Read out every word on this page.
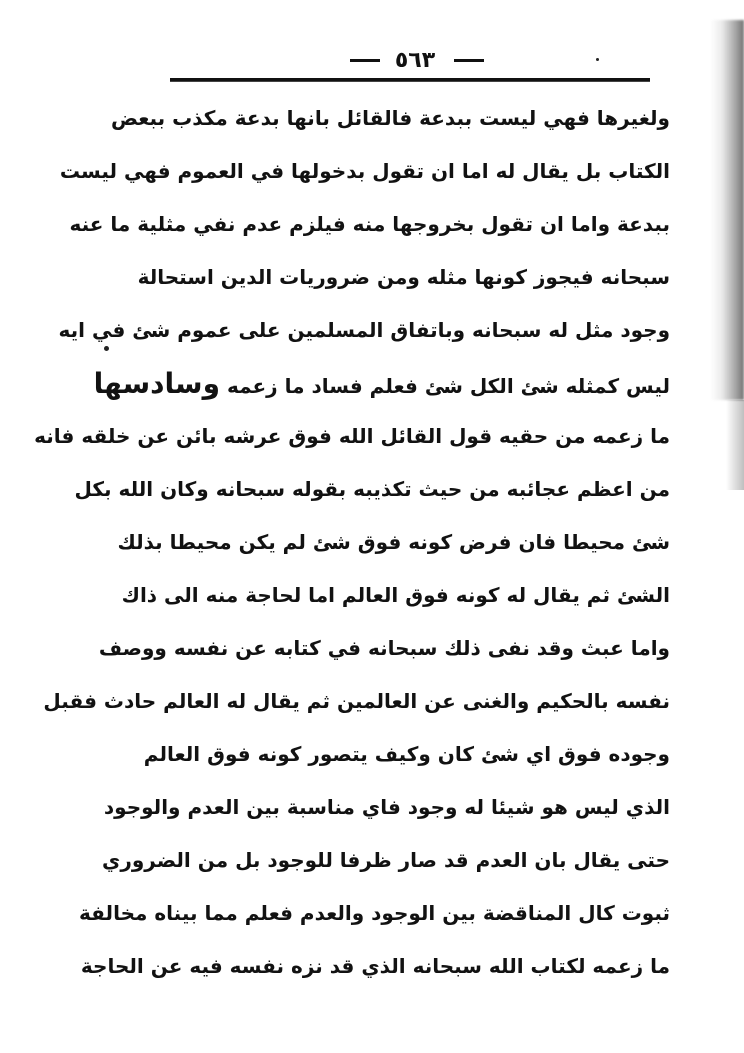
٥٦٣
ولغيرها فهي ليست ببدعة فالقائل بانها بدعة مكذب ببعض
الكتاب بل يقال له اما ان تقول بدخولها في العموم فهي ليست
ببدعة واما ان تقول بخروجها منه فيلزم عدم نفي مثلية ما عنه
سبحانه فيجوز كونها مثله ومن ضروريات الدين استحالة
وجود مثل له سبحانه وباتفاق المسلمين على عموم شئ في ايه
ليس كمثله شئ الكل شئ فعلم فساد ما زعمه وسادسها
ما زعمه من حقيه قول القائل الله فوق عرشه بائن عن خلقه فانه
من اعظم عجائبه من حيث تكذيبه بقوله سبحانه وكان الله بكل
شئ محيطا فان فرض كونه فوق شئ لم يكن محيطا بذلك
الشئ ثم يقال له كونه فوق العالم اما لحاجة منه الى ذاك
واما عبث وقد نفى ذلك سبحانه في كتابه عن نفسه ووصف
نفسه بالحكيم والغنى عن العالمين ثم يقال له العالم حادث فقبل
وجوده فوق اي شئ كان وكيف يتصور كونه فوق العالم
الذي ليس هو شيئا له وجود فاي مناسبة بين العدم والوجود
حتى يقال بان العدم قد صار ظرفا للوجود بل من الضروري
ثبوت كال المناقضة بين الوجود والعدم فعلم مما بيناه مخالفة
ما زعمه لكتاب الله سبحانه الذي قد نزه نفسه فيه عن الحاجة
